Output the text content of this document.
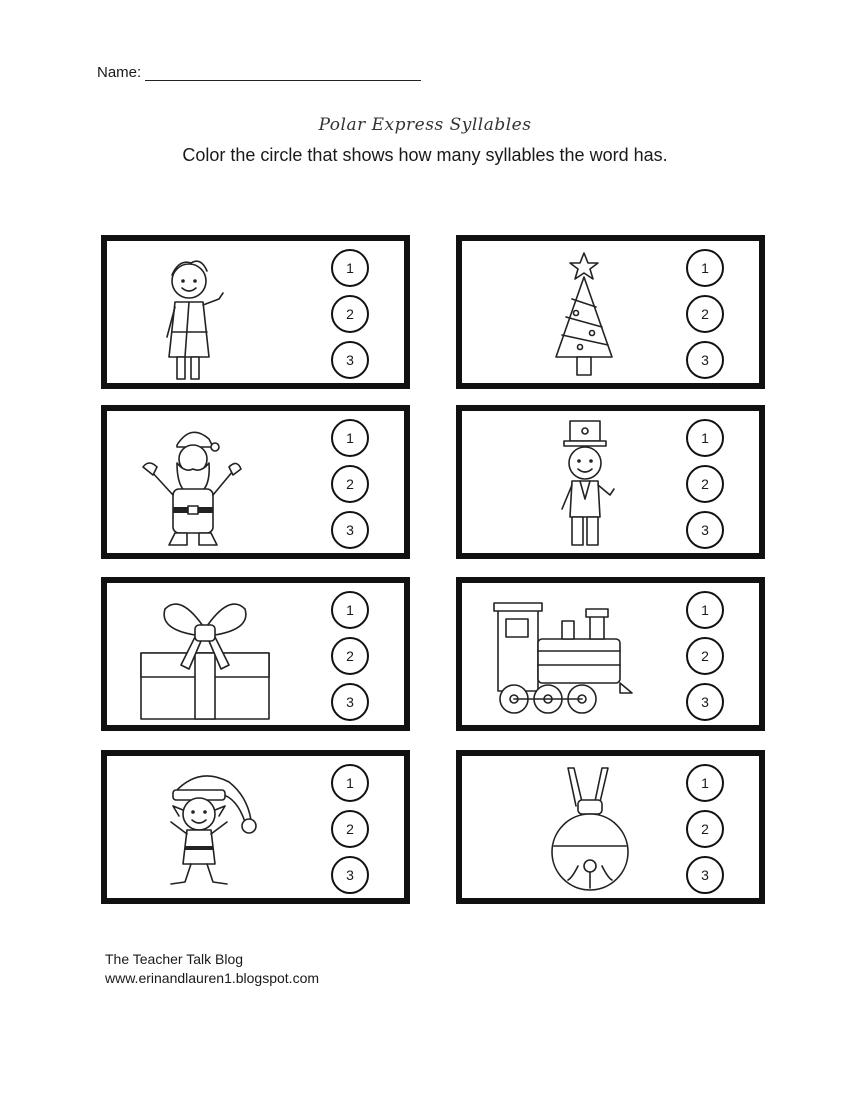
Name:
Polar Express Syllables
Color the circle that shows how many syllables the word has.
1
2
3
1
2
3
1
2
3
1
2
3
1
2
3
1
2
3
1
2
3
1
2
3
The Teacher Talk Blog
www.erinandlauren1.blogspot.com
